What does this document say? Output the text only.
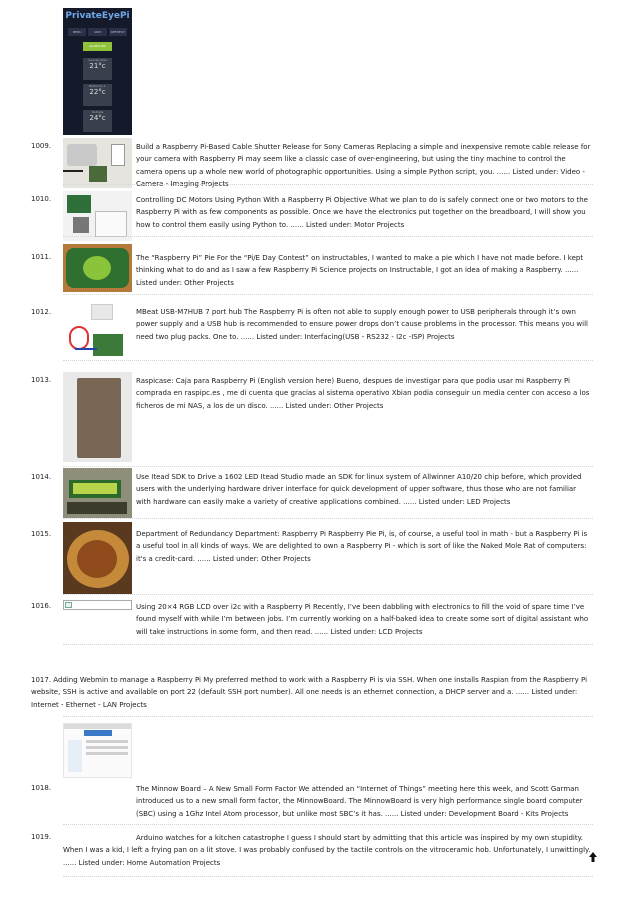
PrivateEyePi
MENU	ARM	REFRESH
ALARM ON
Lounge Area
21°c
Bedroom 1
22°c
Outside
24°c
1009.	Build a Raspberry Pi-Based Cable Shutter Release for Sony Cameras Replacing a simple and inexpensive remote cable release for your camera with Raspberry Pi may seem like a classic case of over-engineering, but using the tiny machine to control the camera opens up a whole new world of photographic opportunities. Using a simple Python script, you. ...... Listed under: Video - Camera - Imaging Projects
1010.	Controlling DC Motors Using Python With a Raspberry Pi Objective What we plan to do is safely connect one or two motors to the Raspberry Pi with as few components as possible. Once we have the electronics put together on the breadboard, I will show you how to control them easily using Python to. ...... Listed under: Motor Projects
1011.	The “Raspberry Pi” Pie For the “Pi/E Day Contest” on instructables, I wanted to make a pie which I have not made before. I kept thinking what to do and as I saw a few Raspberry Pi Science projects on Instructable, I got an idea of making a Raspberry. ...... Listed under: Other Projects
1012.	MBeat USB-M7HUB 7 port hub The Raspberry Pi is often not able to supply enough power to USB peripherals through it’s own power supply and a USB hub is recommended to ensure power drops don’t cause problems in the processor. This means you will need two plug packs. One to. ...... Listed under: Interfacing(USB - RS232 - I2c -ISP) Projects
1013.	Raspicase: Caja para Raspberry Pi (English version here) Bueno, despues de investigar para que podia usar mi Raspberry Pi comprada en raspipc.es , me di cuenta que gracias al sistema operativo Xbian podia conseguir un media center con acceso a los ficheros de mi NAS, a los de un disco. ...... Listed under: Other Projects
1014.	Use Itead SDK to Drive a 1602 LED Itead Studio made an SDK for linux system of Allwinner A10/20 chip before, which provided users with the underlying hardware driver interface for quick development of upper software, thus those who are not familiar with hardware can easily make a variety of creative applications combined. ...... Listed under: LED Projects
1015.	Department of Redundancy Department: Raspberry Pi Raspberry Pie Pi, is, of course, a useful tool in math - but a Raspberry Pi is a useful tool in all kinds of ways. We are delighted to own a Raspberry Pi - which is sort of like the Naked Mole Rat of computers: it's a credit-card. ...... Listed under: Other Projects
1016.	Using 20×4 RGB LCD over i2c with a Raspberry Pi Recently, I’ve been dabbling with electronics to fill the void of spare time I’ve found myself with while I’m between jobs. I’m currently working on a half-baked idea to create some sort of digital assistant who will take instructions in some form, and then read. ...... Listed under: LCD Projects
1017. Adding Webmin to manage a Raspberry Pi My preferred method to work with a Raspberry Pi is via SSH. When one installs Raspian from the Raspberry Pi website, SSH is active and available on port 22 (default SSH port number). All one needs is an ethernet connection, a DHCP server and a. ...... Listed under: Internet - Ethernet - LAN Projects
1018.	The Minnow Board – A New Small Form Factor We attended an “Internet of Things” meeting here this week, and Scott Garman introduced us to a new small form factor, the MinnowBoard. The MinnowBoard is very high performance single board computer (SBC) using a 1Ghz Intel Atom processor, but unlike most SBC’s it has. ...... Listed under: Development Board - Kits Projects
1019.	Arduino watches for a kitchen catastrophe I guess I should start by admitting that this article was inspired by my own stupidity. When I was a kid, I left a frying pan on a lit stove. I was probably confused by the tactile controls on the vitroceramic hob. Unfortunately, I unwittingly. ...... Listed under: Home Automation Projects
